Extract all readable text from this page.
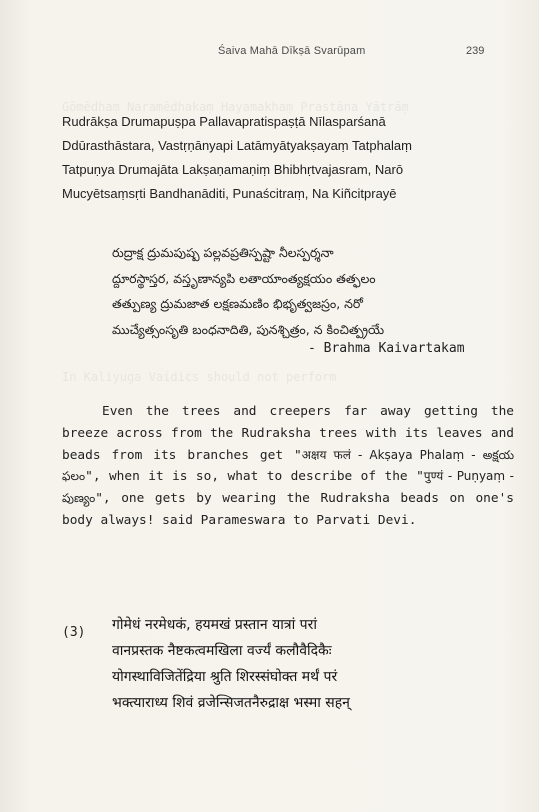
Gōmēdhaṃ Naramēdhakaṃ Hayamakhaṃ Prastāna Yātrāṃ
In Kaliyuga Vaidics should not perform
Śaiva Mahā Dīkṣā Svarūpam	239
Rudrākṣa Drumapuṣpa Pallavapratispaṣṭā Nīlasparśanā
Ddūrasthāstara, Vastṛṇānyapi Latāmyātyakṣayaṃ Tatphalaṃ
Tatpuṇya Drumajāta Lakṣaṇamaṇiṃ Bhibhṛtvajasram, Narō
Mucyētsaṃsṛti Bandhanāditi, Punaścitraṃ, Na Kiñcitprayē
రుద్రాక్ష ద్రుమపుష్ప పల్లవప్రతిస్పష్టా నీలస్పర్శనా
ద్దూరస్థాస్తర, వస్తృణాన్యపి లతాయాంత్యక్షయం తత్ఫలం
తత్పుణ్య ద్రుమజాత లక్షణమణిం భిభృత్వజస్రం, నరో
ముచ్యేత్సంసృతి బంధనాదితి, పునశ్చిత్రం, న కించిత్ప్రయే
- Brahma Kaivartakam
Even the trees and creepers far away getting the breeze across from the Rudraksha trees with its leaves and beads from its branches get "अक्षय फलं - Akṣaya Phalaṃ - అక్షయ ఫలం", when it is so, what to describe of the "पुण्यं - Puṇyaṃ - పుణ్యం", one gets by wearing the Rudraksha beads on one's body always! said Parameswara to Parvati Devi.
(3) गोमेधं नरमेधकं, हयमखं प्रस्तान यात्रां परां
वानप्रस्तक नैष्टकत्वमखिला वर्ज्यं कलौवैदिकैः
योगस्थाविजितेंद्रिया श्रुति शिरस्संघोक्त मर्थं परं
भक्त्याराध्य शिवं व्रजेन्सिजतनैरुद्राक्ष भस्मा सहन्
